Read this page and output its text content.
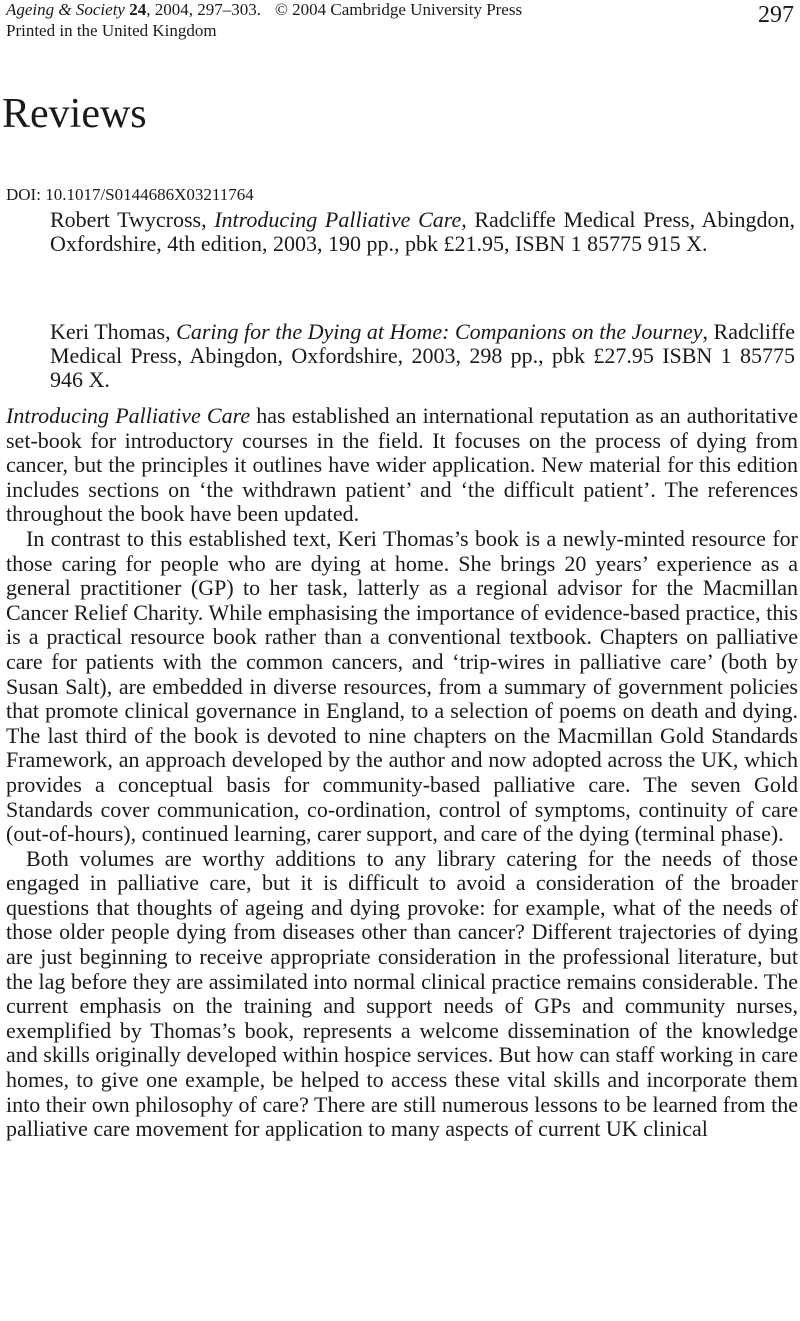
Ageing & Society 24, 2004, 297–303. © 2004 Cambridge University Press
Printed in the United Kingdom
297
Reviews
DOI: 10.1017/S0144686X03211764

Robert Twycross, Introducing Palliative Care, Radcliffe Medical Press, Abingdon, Oxfordshire, 4th edition, 2003, 190 pp., pbk £21.95, ISBN 1 85775 915 X.

Keri Thomas, Caring for the Dying at Home: Companions on the Journey, Radcliffe Medical Press, Abingdon, Oxfordshire, 2003, 298 pp., pbk £27.95 ISBN 1 85775 946 X.

Introducing Palliative Care has established an international reputation as an authoritative set-book for introductory courses in the field. It focuses on the process of dying from cancer, but the principles it outlines have wider application. New material for this edition includes sections on ‘the withdrawn patient’ and ‘the difficult patient’. The references throughout the book have been updated.

In contrast to this established text, Keri Thomas’s book is a newly-minted resource for those caring for people who are dying at home. She brings 20 years’ experience as a general practitioner (GP) to her task, latterly as a regional advisor for the Macmillan Cancer Relief Charity. While emphasising the importance of evidence-based practice, this is a practical resource book rather than a conventional textbook. Chapters on palliative care for patients with the common cancers, and ‘trip-wires in palliative care’ (both by Susan Salt), are embedded in diverse resources, from a summary of government policies that promote clinical governance in England, to a selection of poems on death and dying. The last third of the book is devoted to nine chapters on the Macmillan Gold Standards Framework, an approach developed by the author and now adopted across the UK, which provides a conceptual basis for community-based palliative care. The seven Gold Standards cover communication, co-ordination, control of symptoms, continuity of care (out-of-hours), continued learning, carer support, and care of the dying (terminal phase).

Both volumes are worthy additions to any library catering for the needs of those engaged in palliative care, but it is difficult to avoid a consideration of the broader questions that thoughts of ageing and dying provoke: for example, what of the needs of those older people dying from diseases other than cancer? Different trajectories of dying are just beginning to receive appropriate consideration in the professional literature, but the lag before they are assimilated into normal clinical practice remains considerable. The current emphasis on the training and support needs of GPs and community nurses, exemplified by Thomas’s book, represents a welcome dissemination of the knowledge and skills originally developed within hospice services. But how can staff working in care homes, to give one example, be helped to access these vital skills and incorporate them into their own philosophy of care? There are still numerous lessons to be learned from the palliative care movement for application to many aspects of current UK clinical
